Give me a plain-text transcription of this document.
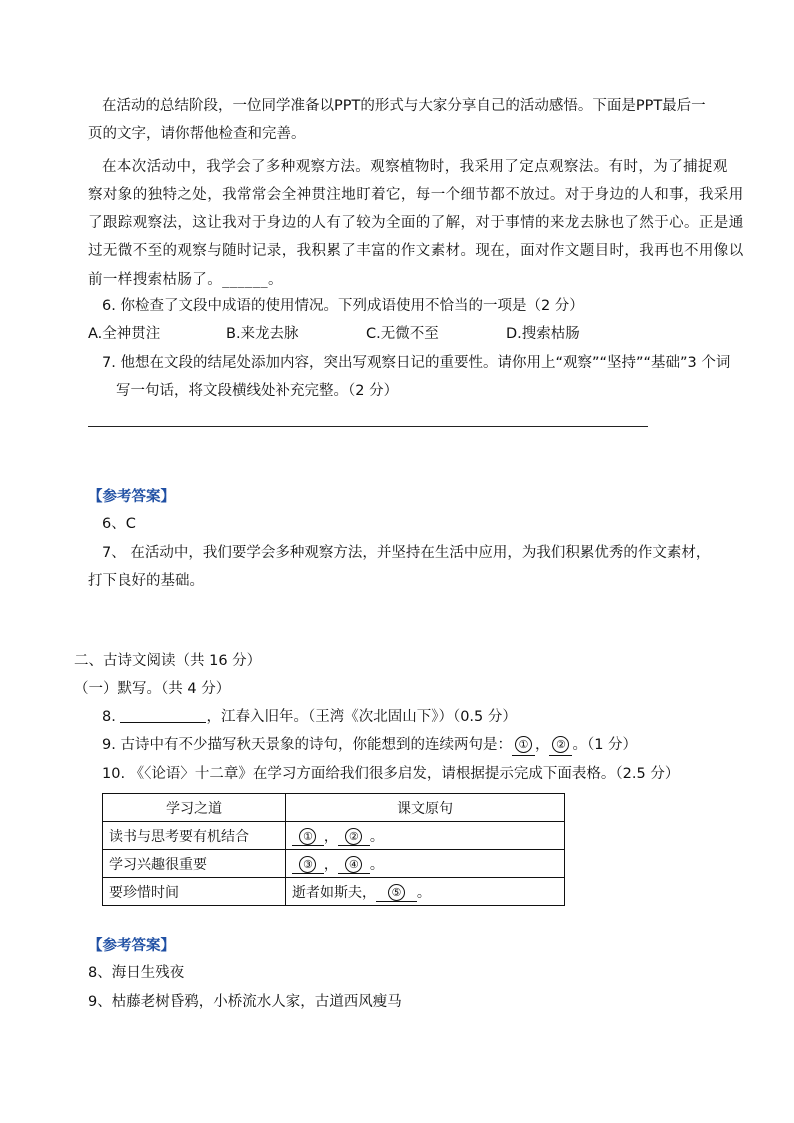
在活动的总结阶段，一位同学准备以PPT的形式与大家分享自己的活动感悟。下面是PPT最后一
页的文字，请你帮他检查和完善。
在本次活动中，我学会了多种观察方法。观察植物时，我采用了定点观察法。有时，为了捕捉观
察对象的独特之处，我常常会全神贯注地盯着它，每一个细节都不放过。对于身边的人和事，我采用
了跟踪观察法，这让我对于身边的人有了较为全面的了解，对于事情的来龙去脉也了然于心。正是通
过无微不至的观察与随时记录，我积累了丰富的作文素材。现在，面对作文题目时，我再也不用像以
前一样搜索枯肠了。______。
6. 你检查了文段中成语的使用情况。下列成语使用不恰当的一项是（2 分）
A.全神贯注	B.来龙去脉	C.无微不至	D.搜索枯肠
7. 他想在文段的结尾处添加内容，突出写观察日记的重要性。请你用上“观察”“坚持”“基础”3 个词
写一句话，将文段横线处补充完整。（2 分）
【参考答案】
6、C
7、 在活动中，我们要学会多种观察方法，并坚持在生活中应用，为我们积累优秀的作文素材，
打下良好的基础。
二、古诗文阅读（共 16 分）
（一）默写。（共 4 分）
8.	，江春入旧年。（王湾《次北固山下》）（0.5 分）
9. 古诗中有不少描写秋天景象的诗句，你能想到的连续两句是： ① ， ② 。（1 分）
10. 《〈论语〉十二章》在学习方面给我们很多启发，请根据提示完成下面表格。（2.5 分）
学习之道	课文原句
读书与思考要有机结合	① ， ② 。
学习兴趣很重要	③ ， ④ 。
要珍惜时间	逝者如斯夫， ⑤ 。
【参考答案】
8、海日生残夜
9、枯藤老树昏鸦，小桥流水人家，古道西风瘦马
